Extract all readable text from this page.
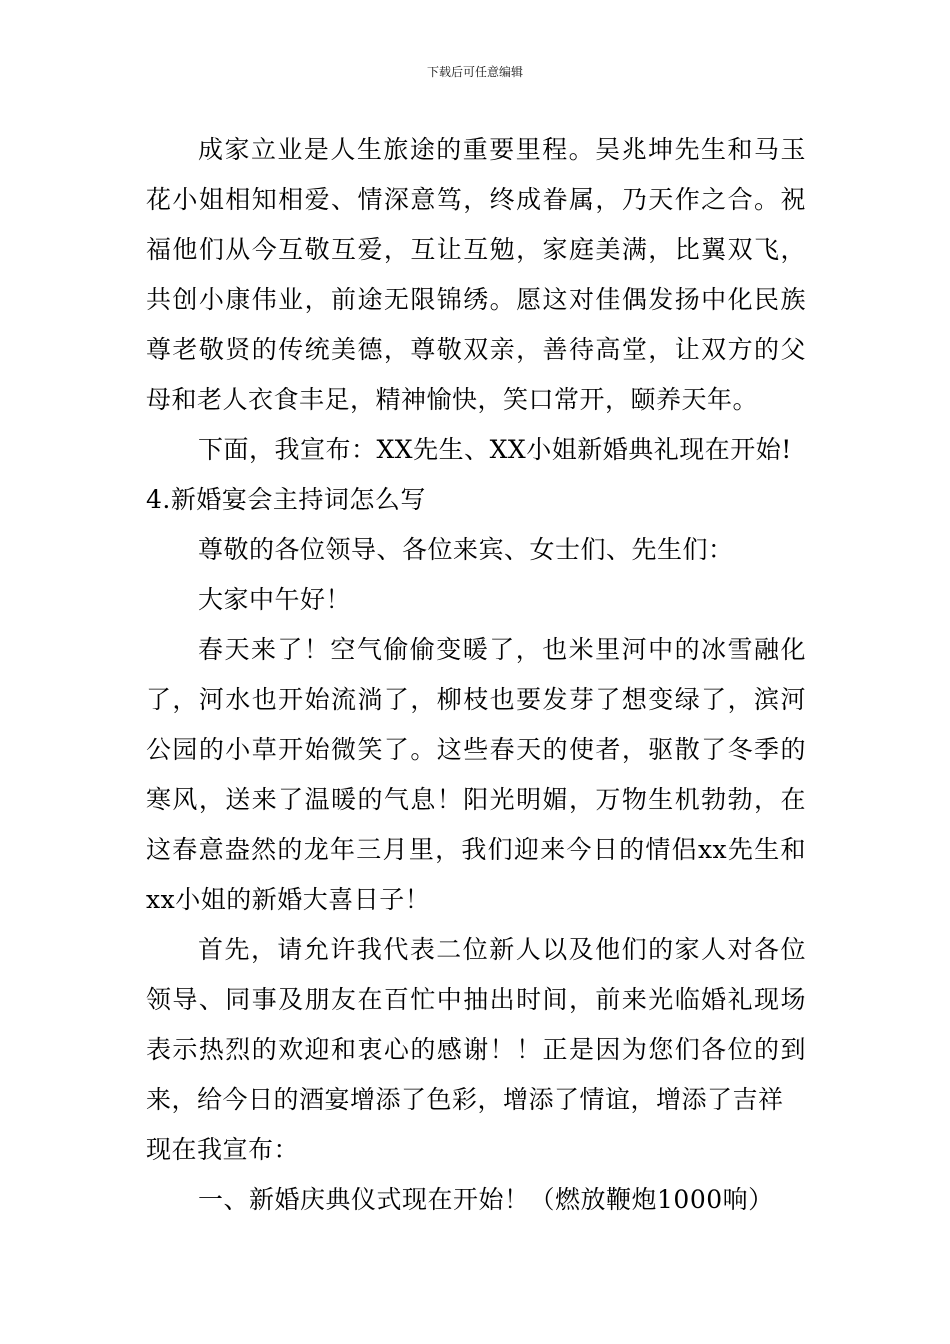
下载后可任意编辑

成家立业是人生旅途的重要里程。吴兆坤先生和马玉花小姐相知相爱、情深意笃，终成眷属，乃天作之合。祝福他们从今互敬互爱，互让互勉，家庭美满，比翼双飞，共创小康伟业，前途无限锦绣。愿这对佳偶发扬中化民族尊老敬贤的传统美德，尊敬双亲，善待高堂，让双方的父母和老人衣食丰足，精神愉快，笑口常开，颐养天年。

下面，我宣布：XX先生、XX小姐新婚典礼现在开始!

4.新婚宴会主持词怎么写

尊敬的各位领导、各位来宾、女士们、先生们：

大家中午好！

春天来了！空气偷偷变暖了，也米里河中的冰雪融化了，河水也开始流淌了，柳枝也要发芽了想变绿了，滨河公园的小草开始微笑了。这些春天的使者，驱散了冬季的寒风，送来了温暖的气息！阳光明媚，万物生机勃勃，在这春意盎然的龙年三月里，我们迎来今日的情侣xx先生和xx小姐的新婚大喜日子！

首先，请允许我代表二位新人以及他们的家人对各位领导、同事及朋友在百忙中抽出时间，前来光临婚礼现场表示热烈的欢迎和衷心的感谢！！正是因为您们各位的到来，给今日的酒宴增添了色彩，增添了情谊，增添了吉祥

现在我宣布：

一、新婚庆典仪式现在开始！（燃放鞭炮1000响）
